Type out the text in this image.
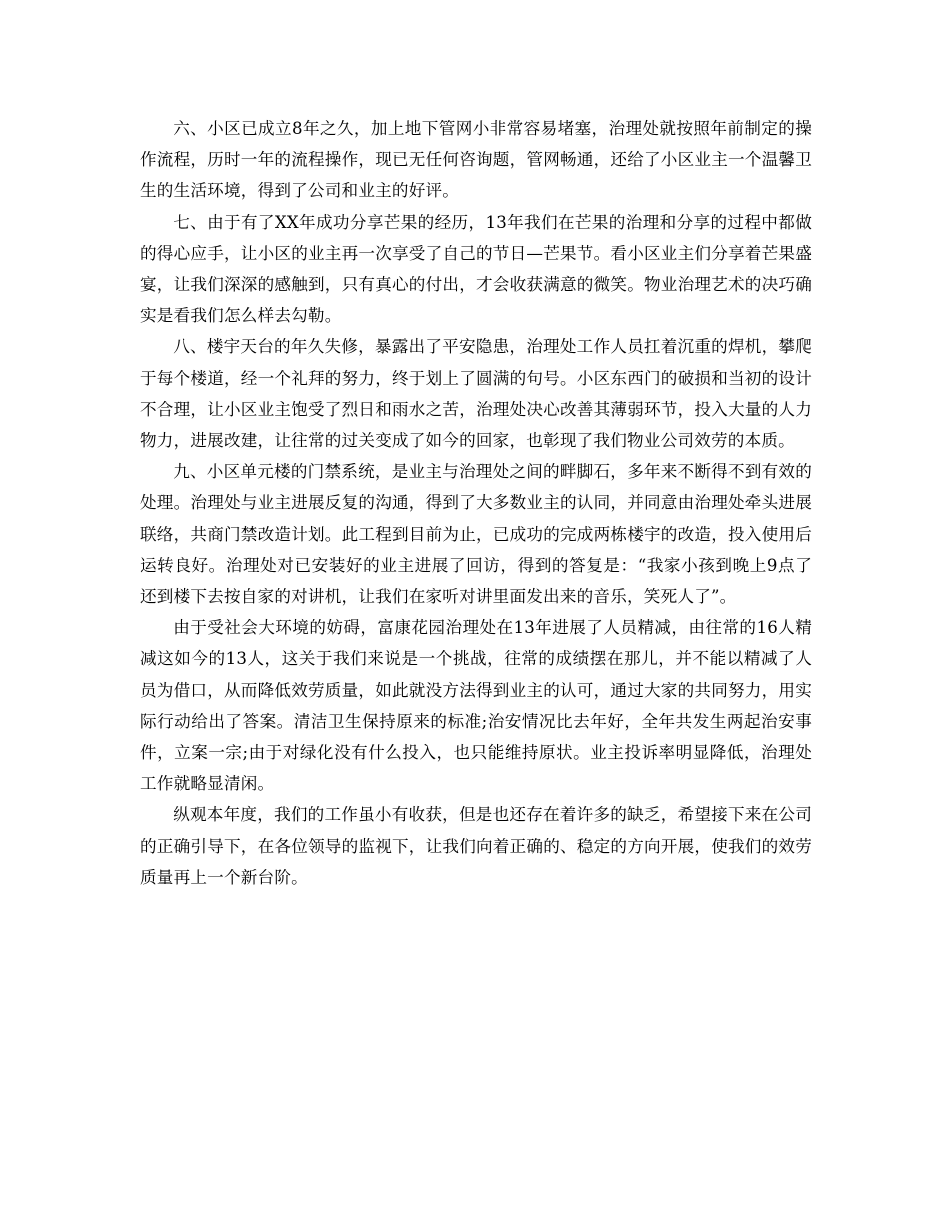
六、小区已成立8年之久，加上地下管网小非常容易堵塞，治理处就按照年前制定的操作流程，历时一年的流程操作，现已无任何咨询题，管网畅通，还给了小区业主一个温馨卫生的生活环境，得到了公司和业主的好评。

七、由于有了XX年成功分享芒果的经历，13年我们在芒果的治理和分享的过程中都做的得心应手，让小区的业主再一次享受了自己的节日—芒果节。看小区业主们分享着芒果盛宴，让我们深深的感触到，只有真心的付出，才会收获满意的微笑。物业治理艺术的决巧确实是看我们怎么样去勾勒。

八、楼宇天台的年久失修，暴露出了平安隐患，治理处工作人员扛着沉重的焊机，攀爬于每个楼道，经一个礼拜的努力，终于划上了圆满的句号。小区东西门的破损和当初的设计不合理，让小区业主饱受了烈日和雨水之苦，治理处决心改善其薄弱环节，投入大量的人力物力，进展改建，让往常的过关变成了如今的回家，也彰现了我们物业公司效劳的本质。

九、小区单元楼的门禁系统，是业主与治理处之间的畔脚石，多年来不断得不到有效的处理。治理处与业主进展反复的沟通，得到了大多数业主的认同，并同意由治理处牵头进展联络，共商门禁改造计划。此工程到目前为止，已成功的完成两栋楼宇的改造，投入使用后运转良好。治理处对已安装好的业主进展了回访，得到的答复是：“我家小孩到晚上9点了还到楼下去按自家的对讲机，让我们在家听对讲里面发出来的音乐，笑死人了”。

由于受社会大环境的妨碍，富康花园治理处在13年进展了人员精减，由往常的16人精减这如今的13人，这关于我们来说是一个挑战，往常的成绩摆在那儿，并不能以精减了人员为借口，从而降低效劳质量，如此就没方法得到业主的认可，通过大家的共同努力，用实际行动给出了答案。清洁卫生保持原来的标准;治安情况比去年好，全年共发生两起治安事件，立案一宗;由于对绿化没有什么投入，也只能维持原状。业主投诉率明显降低，治理处工作就略显清闲。

纵观本年度，我们的工作虽小有收获，但是也还存在着许多的缺乏，希望接下来在公司的正确引导下，在各位领导的监视下，让我们向着正确的、稳定的方向开展，使我们的效劳质量再上一个新台阶。
